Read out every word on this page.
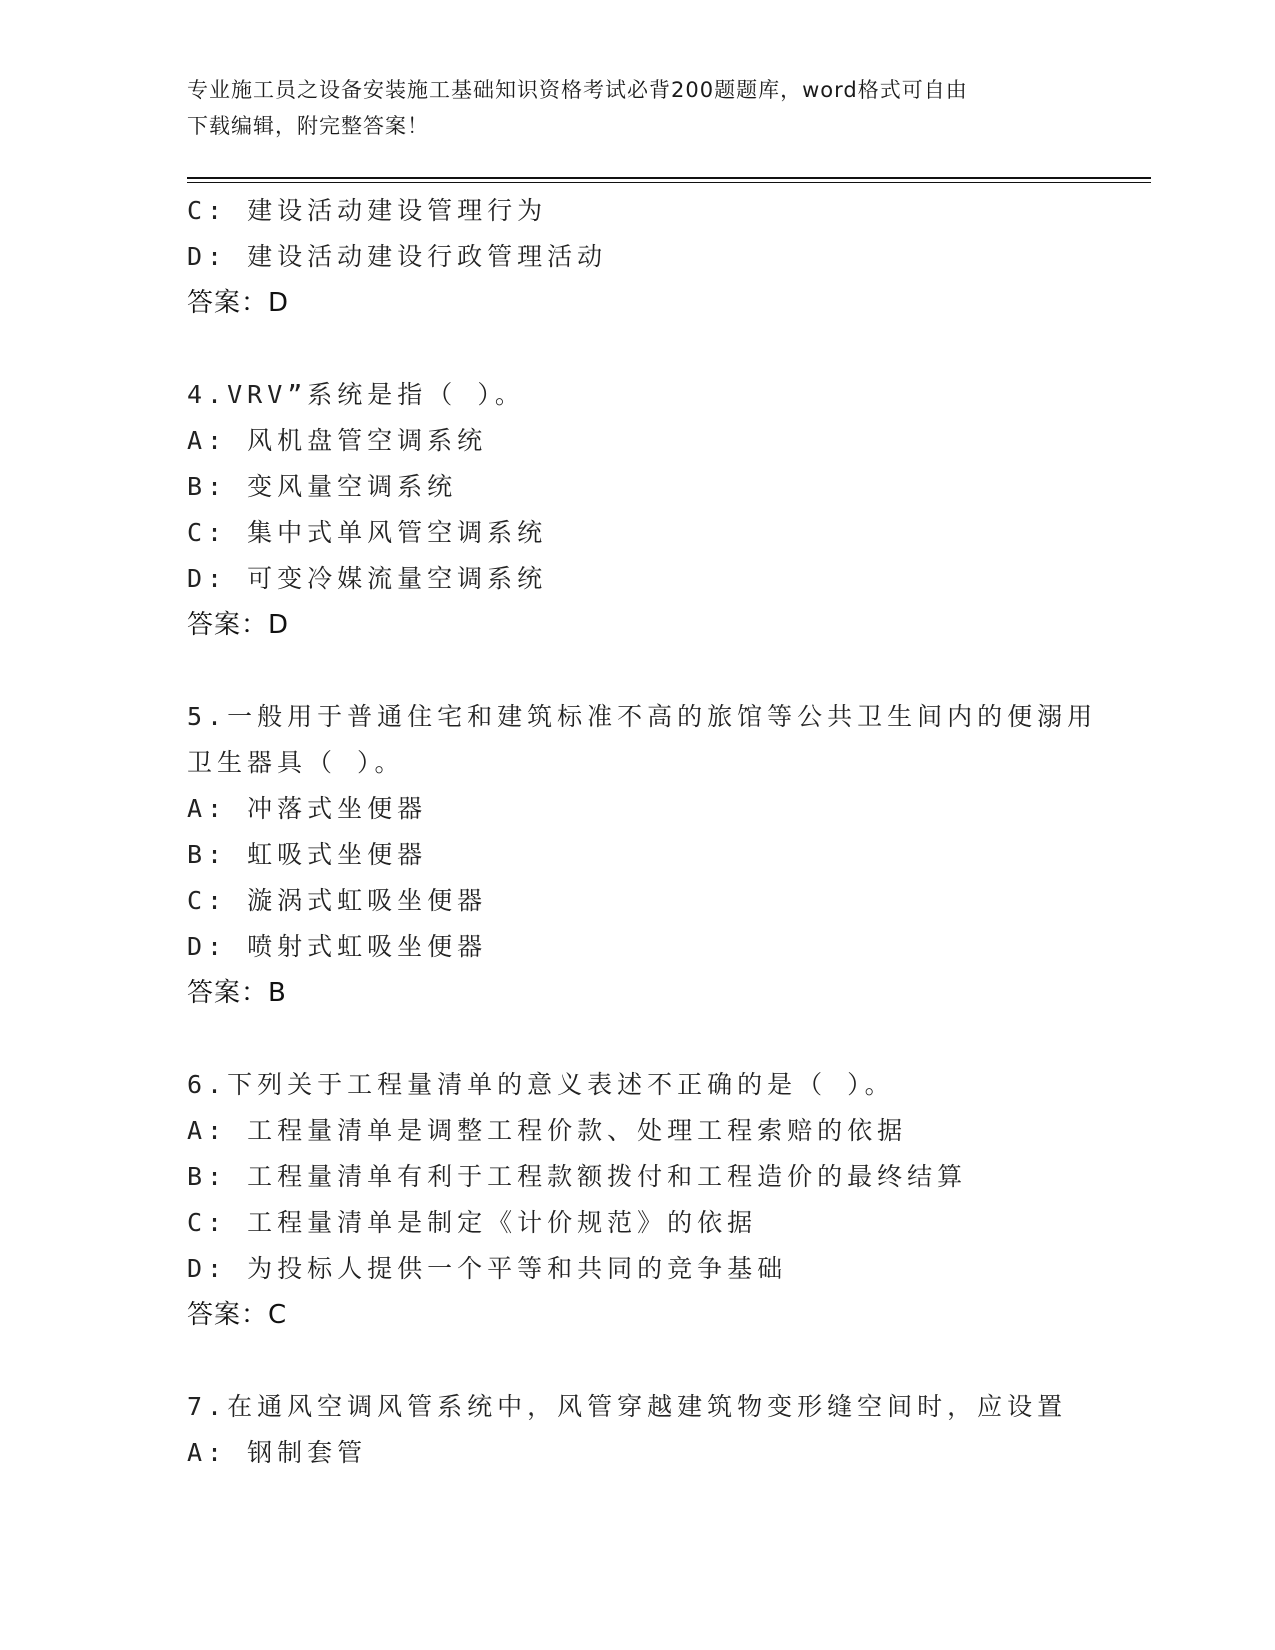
专业施工员之设备安装施工基础知识资格考试必背200题题库，word格式可自由
下载编辑，附完整答案！
C: 建设活动建设管理行为
D: 建设活动建设行政管理活动
答案：D
4.VRV”系统是指（ ）。
A: 风机盘管空调系统
B: 变风量空调系统
C: 集中式单风管空调系统
D: 可变冷媒流量空调系统
答案：D
5.一般用于普通住宅和建筑标准不高的旅馆等公共卫生间内的便溺用
卫生器具（ ）。
A: 冲落式坐便器
B: 虹吸式坐便器
C: 漩涡式虹吸坐便器
D: 喷射式虹吸坐便器
答案：B
6.下列关于工程量清单的意义表述不正确的是（ ）。
A: 工程量清单是调整工程价款、处理工程索赔的依据
B: 工程量清单有利于工程款额拨付和工程造价的最终结算
C: 工程量清单是制定《计价规范》的依据
D: 为投标人提供一个平等和共同的竞争基础
答案：C
7.在通风空调风管系统中，风管穿越建筑物变形缝空间时，应设置
A: 钢制套管
